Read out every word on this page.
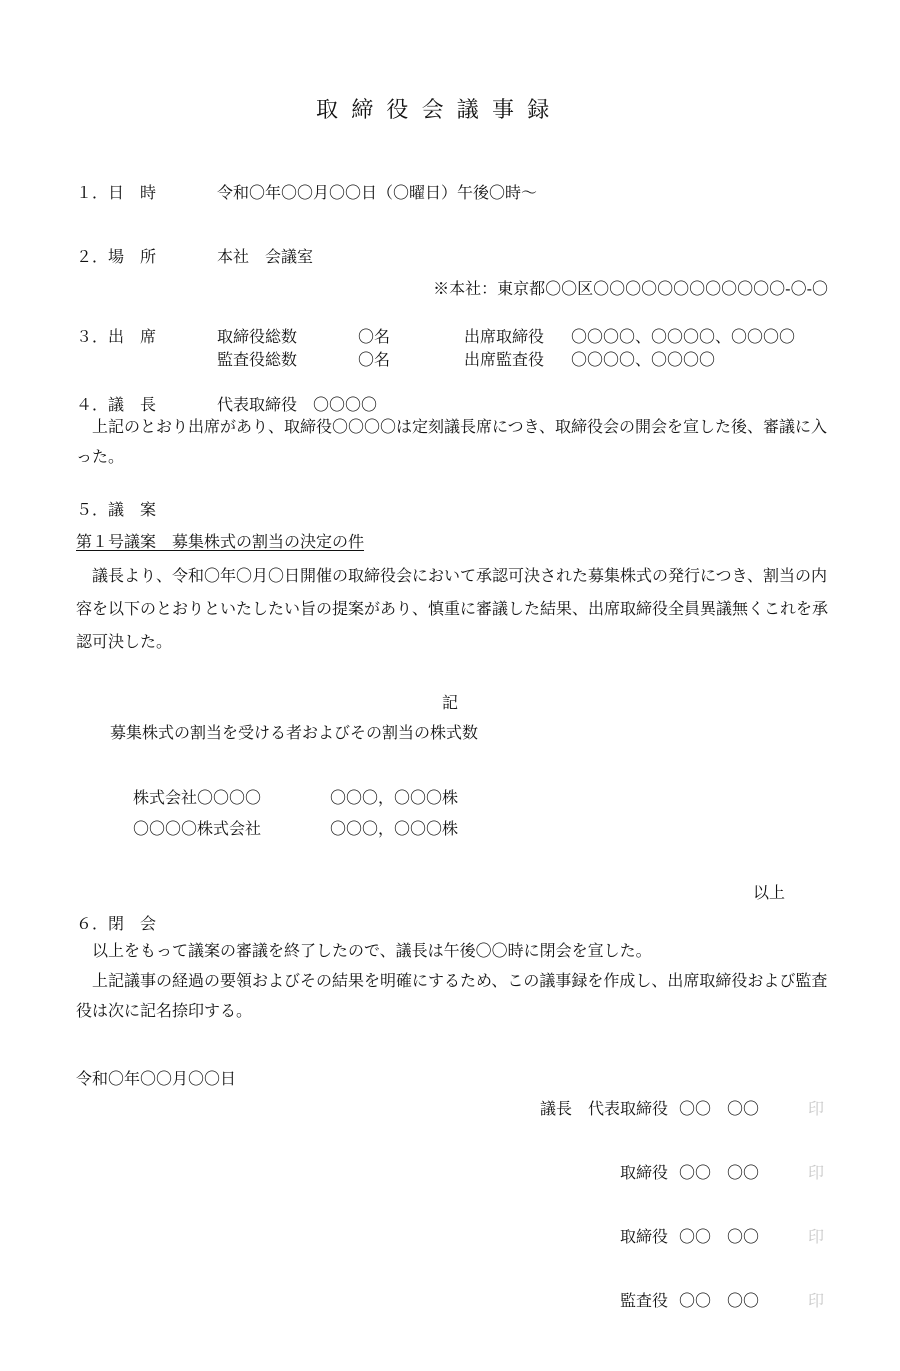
取締役会議事録
１．日　時	令和〇年〇〇月〇〇日（〇曜日）午後〇時〜
２．場　所	本社　会議室
※本社：東京都〇〇区〇〇〇〇〇〇〇〇〇〇〇〇-〇-〇
３．出　席	取締役総数	〇名	出席取締役 〇〇〇〇、〇〇〇〇、〇〇〇〇
監査役総数	〇名	出席監査役 〇〇〇〇、〇〇〇〇
４．議　長	代表取締役　〇〇〇〇
上記のとおり出席があり、取締役〇〇〇〇は定刻議長席につき、取締役会の開会を宣した後、審議に入った。
５．議　案
第１号議案　募集株式の割当の決定の件
議長より、令和〇年〇月〇日開催の取締役会において承認可決された募集株式の発行につき、割当の内容を以下のとおりといたしたい旨の提案があり、慎重に審議した結果、出席取締役全員異議無くこれを承認可決した。
記
募集株式の割当を受ける者およびその割当の株式数
株式会社〇〇〇〇	〇〇〇，〇〇〇株
〇〇〇〇株式会社	〇〇〇，〇〇〇株
以上
６．閉　会
以上をもって議案の審議を終了したので、議長は午後〇〇時に閉会を宣した。
上記議事の経過の要領およびその結果を明確にするため、この議事録を作成し、出席取締役および監査役は次に記名捺印する。
令和〇年〇〇月〇〇日
議長　代表取締役 〇〇　〇〇	印
取締役 〇〇　〇〇	印
取締役 〇〇　〇〇	印
監査役 〇〇　〇〇	印
